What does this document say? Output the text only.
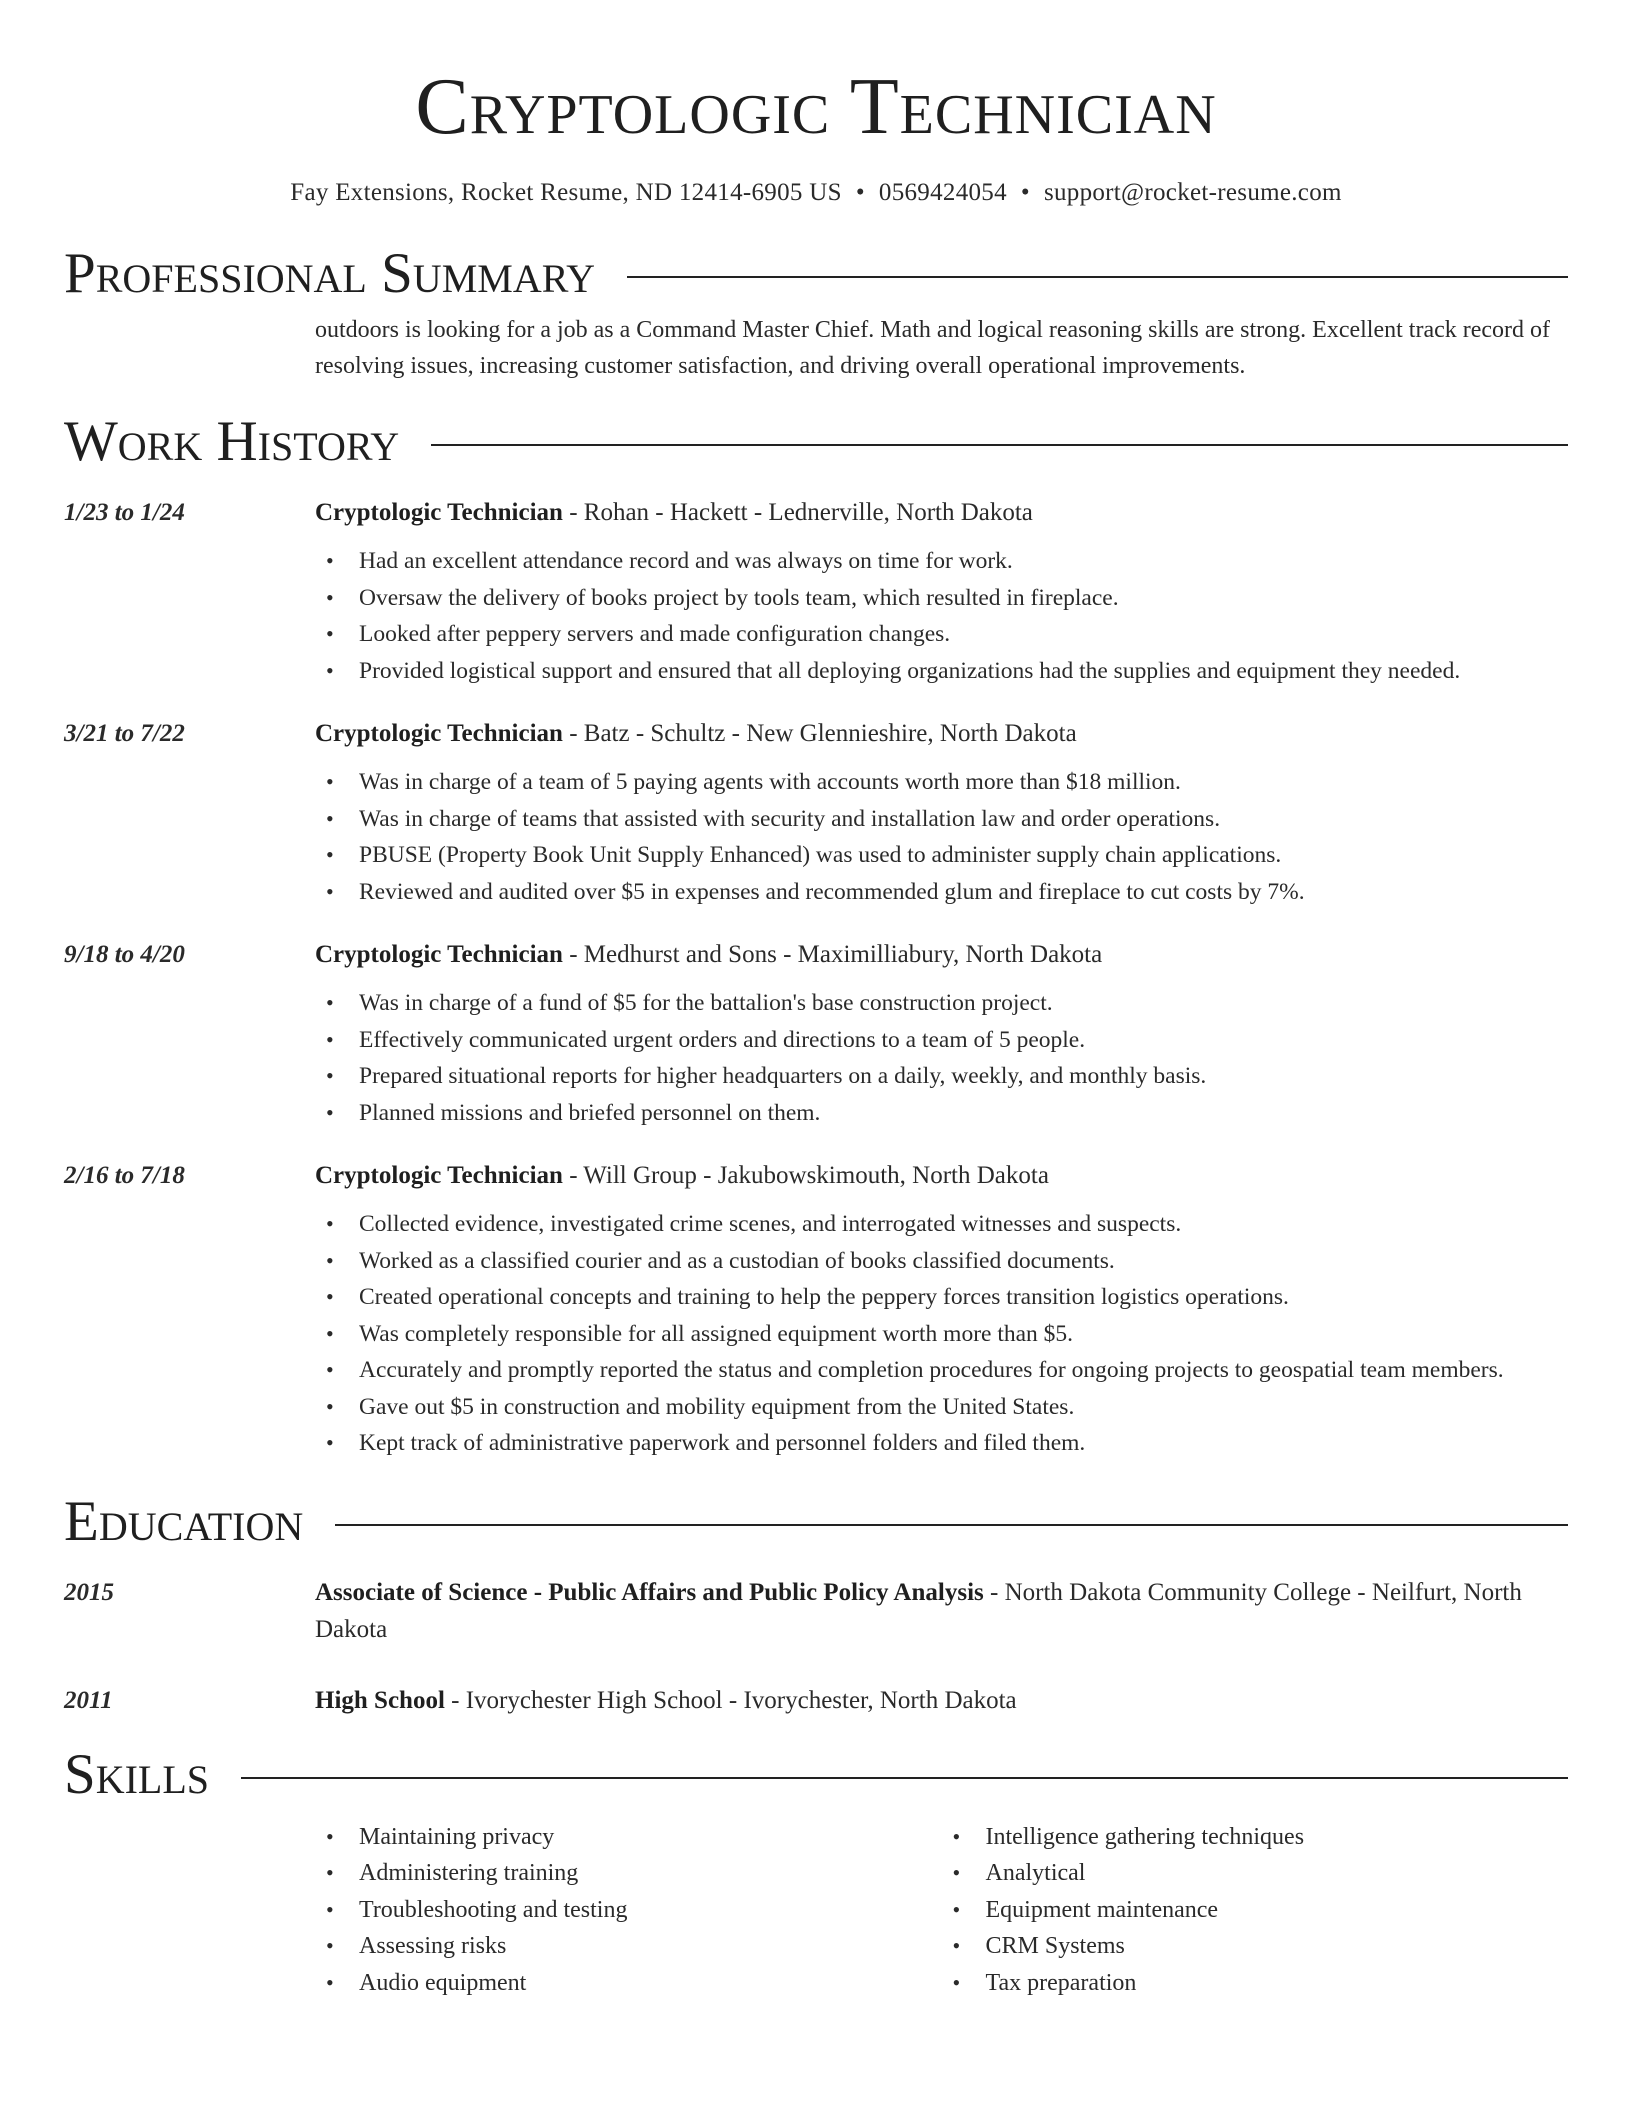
Cryptologic Technician
Fay Extensions, Rocket Resume, ND 12414-6905 US • 0569424054 • support@rocket-resume.com
Professional Summary
outdoors is looking for a job as a Command Master Chief. Math and logical reasoning skills are strong. Excellent track record of resolving issues, increasing customer satisfaction, and driving overall operational improvements.
Work History
1/23 to 1/24	Cryptologic Technician - Rohan - Hackett - Lednerville, North Dakota
• Had an excellent attendance record and was always on time for work.
• Oversaw the delivery of books project by tools team, which resulted in fireplace.
• Looked after peppery servers and made configuration changes.
• Provided logistical support and ensured that all deploying organizations had the supplies and equipment they needed.
3/21 to 7/22	Cryptologic Technician - Batz - Schultz - New Glennieshire, North Dakota
• Was in charge of a team of 5 paying agents with accounts worth more than $18 million.
• Was in charge of teams that assisted with security and installation law and order operations.
• PBUSE (Property Book Unit Supply Enhanced) was used to administer supply chain applications.
• Reviewed and audited over $5 in expenses and recommended glum and fireplace to cut costs by 7%.
9/18 to 4/20	Cryptologic Technician - Medhurst and Sons - Maximilliabury, North Dakota
• Was in charge of a fund of $5 for the battalion's base construction project.
• Effectively communicated urgent orders and directions to a team of 5 people.
• Prepared situational reports for higher headquarters on a daily, weekly, and monthly basis.
• Planned missions and briefed personnel on them.
2/16 to 7/18	Cryptologic Technician - Will Group - Jakubowskimouth, North Dakota
• Collected evidence, investigated crime scenes, and interrogated witnesses and suspects.
• Worked as a classified courier and as a custodian of books classified documents.
• Created operational concepts and training to help the peppery forces transition logistics operations.
• Was completely responsible for all assigned equipment worth more than $5.
• Accurately and promptly reported the status and completion procedures for ongoing projects to geospatial team members.
• Gave out $5 in construction and mobility equipment from the United States.
• Kept track of administrative paperwork and personnel folders and filed them.
Education
2015	Associate of Science - Public Affairs and Public Policy Analysis - North Dakota Community College - Neilfurt, North Dakota
2011	High School - Ivorychester High School - Ivorychester, North Dakota
Skills
• Maintaining privacy
• Administering training
• Troubleshooting and testing
• Assessing risks
• Audio equipment
• Intelligence gathering techniques
• Analytical
• Equipment maintenance
• CRM Systems
• Tax preparation
